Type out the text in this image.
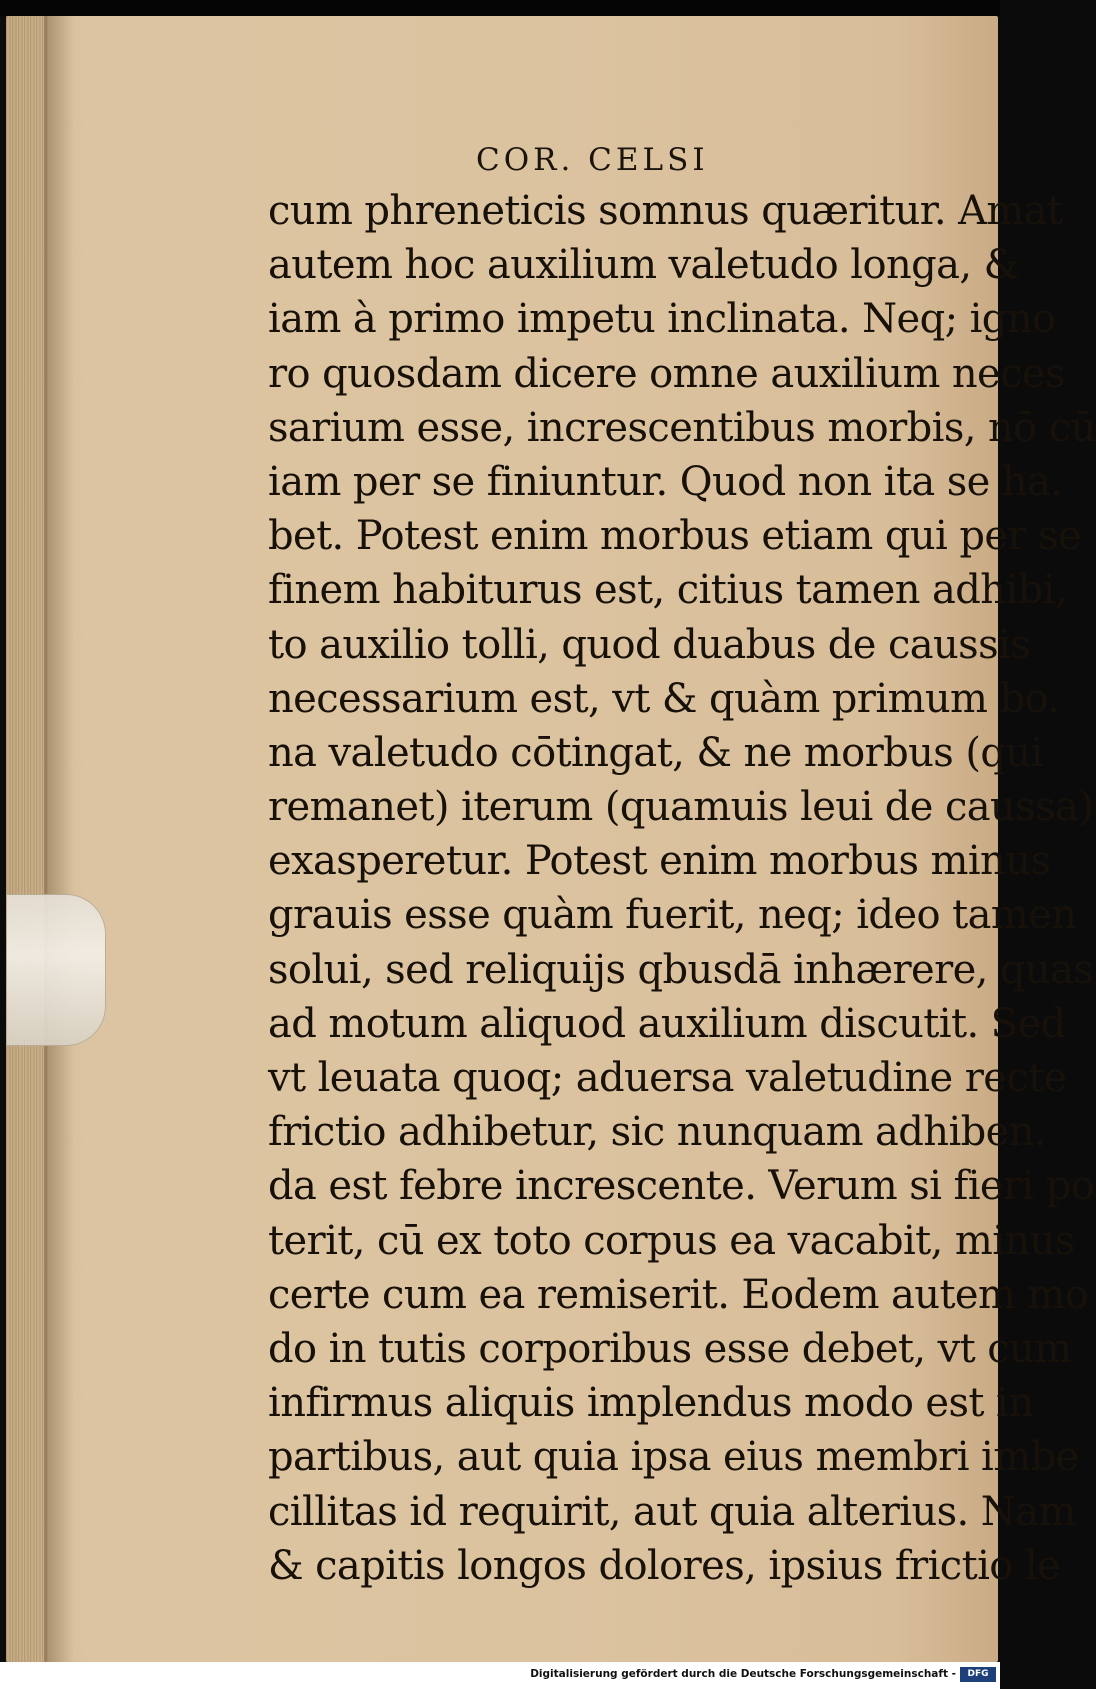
COR. CELSI
cum phreneticis somnus quæritur. Amat
autem hoc auxilium valetudo longa, &
iam à primo impetu inclinata. Neq; igno
ro quosdam dicere omne auxilium neces
sarium esse, increscentibus morbis, nō cū
iam per se finiuntur. Quod non ita se ha.
bet. Potest enim morbus etiam qui per se
finem habiturus est, citius tamen adhibi,
to auxilio tolli, quod duabus de caussis
necessarium est, vt & quàm primum bo.
na valetudo cōtingat, & ne morbus (qui
remanet) iterum (quamuis leui de caussa)
exasperetur. Potest enim morbus minus
grauis esse quàm fuerit, neq; ideo tamen
solui, sed reliquijs qbusdā inhærere, quas
ad motum aliquod auxilium discutit. Sed
vt leuata quoq; aduersa valetudine recte
frictio adhibetur, sic nunquam adhiben.
da est febre increscente. Verum si fieri po
terit, cū ex toto corpus ea vacabit, minus
certe cum ea remiserit. Eodem autem mo
do in tutis corporibus esse debet, vt cum
infirmus aliquis implendus modo est in
partibus, aut quia ipsa eius membri imbe
cillitas id requirit, aut quia alterius. Nam
& capitis longos dolores, ipsius frictio le
Digitalisierung gefördert durch die Deutsche Forschungsgemeinschaft -	DFG
